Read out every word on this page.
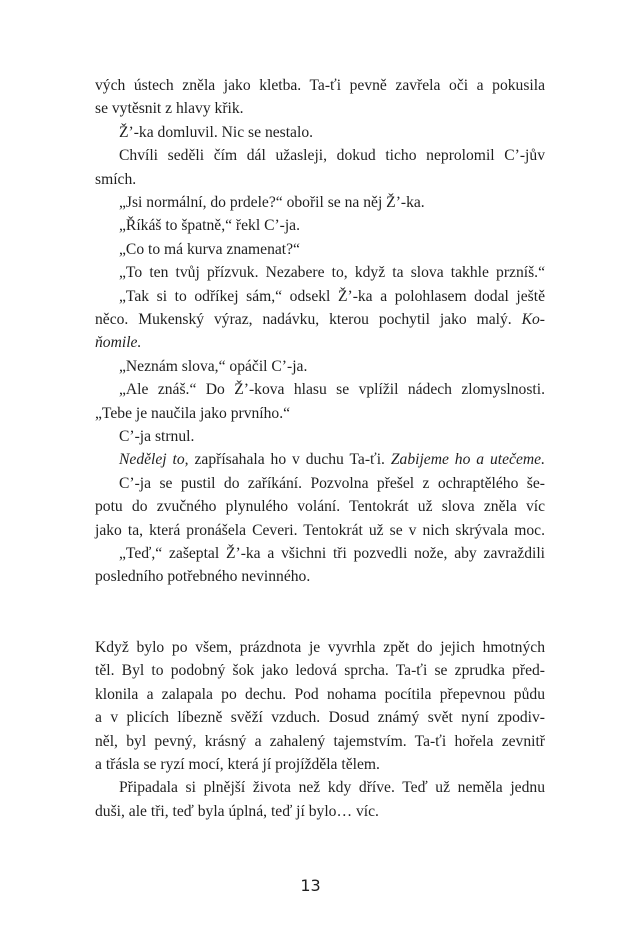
vých ústech zněla jako kletba. Ta-ťi pevně zavřela oči a pokusila
se vytěsnit z hlavy křik.
Ž’-ka domluvil. Nic se nestalo.
Chvíli seděli čím dál užasleji, dokud ticho neprolomil C’-jův
smích.
„Jsi normální, do prdele?“ obořil se na něj Ž’-ka.
„Říkáš to špatně,“ řekl C’-ja.
„Co to má kurva znamenat?“
„To ten tvůj přízvuk. Nezabere to, když ta slova takhle przníš.“
„Tak si to odříkej sám,“ odsekl Ž’-ka a polohlasem dodal ještě
něco. Mukenský výraz, nadávku, kterou pochytil jako malý. Ko-
ňomile.
„Neznám slova,“ opáčil C’-ja.
„Ale znáš.“ Do Ž’-kova hlasu se vplížil nádech zlomyslnosti.
„Tebe je naučila jako prvního.“
C’-ja strnul.
Nedělej to, zapřísahala ho v duchu Ta-ťi. Zabijeme ho a utečeme.
C’-ja se pustil do zaříkání. Pozvolna přešel z ochraptělého še-
potu do zvučného plynulého volání. Tentokrát už slova zněla víc
jako ta, která pronášela Ceveri. Tentokrát už se v nich skrývala moc.
„Teď,“ zašeptal Ž’-ka a všichni tři pozvedli nože, aby zavraždili
posledního potřebného nevinného.
Když bylo po všem, prázdnota je vyvrhla zpět do jejich hmotných
těl. Byl to podobný šok jako ledová sprcha. Ta-ťi se zprudka před-
klonila a zalapala po dechu. Pod nohama pocítila přepevnou půdu
a v plicích líbezně svěží vzduch. Dosud známý svět nyní zpodiv-
něl, byl pevný, krásný a zahalený tajemstvím. Ta-ťi hořela zevnitř
a třásla se ryzí mocí, která jí projížděla tělem.
Připadala si plnější života než kdy dříve. Teď už neměla jednu
duši, ale tři, teď byla úplná, teď jí bylo… víc.
13
